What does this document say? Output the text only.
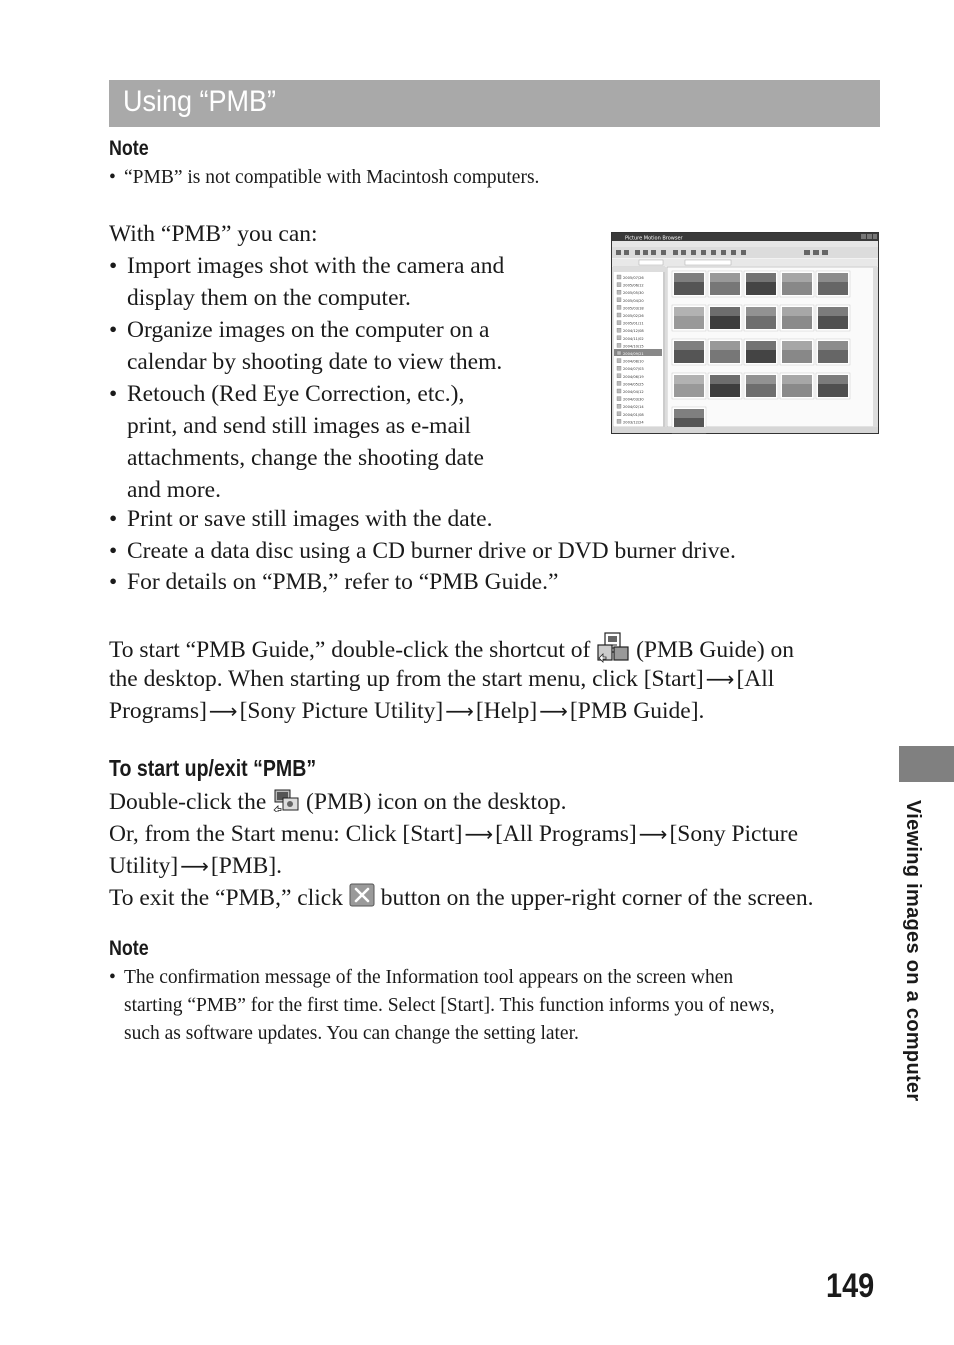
Using “PMB”
Note
• “PMB” is not compatible with Macintosh computers.
With “PMB” you can:
• Import images shot with the camera and
display them on the computer.
• Organize images on the computer on a
calendar by shooting date to view them.
• Retouch (Red Eye Correction, etc.),
print, and send still images as e-mail
attachments, change the shooting date
and more.
• Print or save still images with the date.
• Create a data disc using a CD burner drive or DVD burner drive.
• For details on “PMB,” refer to “PMB Guide.”
Picture Motion Browser
2005/07/26
2005/06/12
2005/05/30
2005/04/20
2005/03/18
2005/02/26
2005/01/11
2004/12/08
2004/11/02
2004/10/15
2004/09/21
2004/08/10
2004/07/03
2004/06/19
2004/05/25
2004/04/12
2004/03/30
2004/02/14
2004/01/08
2003/12/24
To start “PMB Guide,” double-click the shortcut of (PMB Guide) on
the desktop. When starting up from the start menu, click [Start] ⟶[All
Programs] ⟶[Sony Picture Utility] ⟶[Help] ⟶[PMB Guide].
To start up/exit “PMB”
Double-click the (PMB) icon on the desktop.
Or, from the Start menu: Click [Start] ⟶[All Programs] ⟶[Sony Picture
Utility] ⟶[PMB].
To exit the “PMB,” click button on the upper-right corner of the screen.
Note
• The confirmation message of the Information tool appears on the screen when
starting “PMB” for the first time. Select [Start]. This function informs you of news,
such as software updates. You can change the setting later.	Viewing images on a computer
149
